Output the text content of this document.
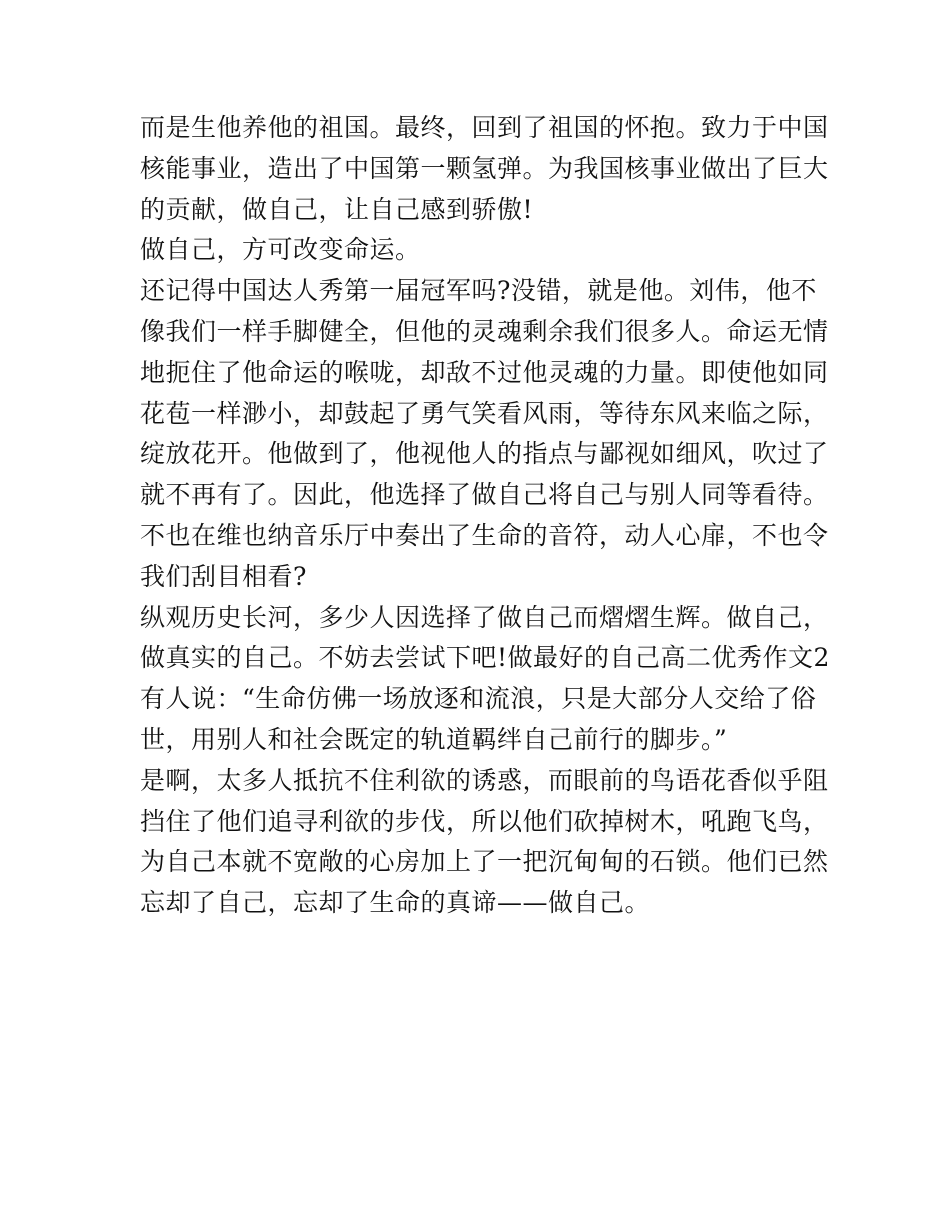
而是生他养他的祖国。最终，回到了祖国的怀抱。致力于中国
核能事业，造出了中国第一颗氢弹。为我国核事业做出了巨大
的贡献，做自己，让自己感到骄傲!
做自己，方可改变命运。
还记得中国达人秀第一届冠军吗?没错，就是他。刘伟，他不
像我们一样手脚健全，但他的灵魂剩余我们很多人。命运无情
地扼住了他命运的喉咙，却敌不过他灵魂的力量。即使他如同
花苞一样渺小，却鼓起了勇气笑看风雨，等待东风来临之际，
绽放花开。他做到了，他视他人的指点与鄙视如细风，吹过了
就不再有了。因此，他选择了做自己将自己与别人同等看待。
不也在维也纳音乐厅中奏出了生命的音符，动人心扉，不也令
我们刮目相看?
纵观历史长河，多少人因选择了做自己而熠熠生辉。做自己，
做真实的自己。不妨去尝试下吧!做最好的自己高二优秀作文2
有人说：“生命仿佛一场放逐和流浪，只是大部分人交给了俗
世，用别人和社会既定的轨道羁绊自己前行的脚步。”
是啊，太多人抵抗不住利欲的诱惑，而眼前的鸟语花香似乎阻
挡住了他们追寻利欲的步伐，所以他们砍掉树木，吼跑飞鸟，
为自己本就不宽敞的心房加上了一把沉甸甸的石锁。他们已然
忘却了自己，忘却了生命的真谛——做自己。
